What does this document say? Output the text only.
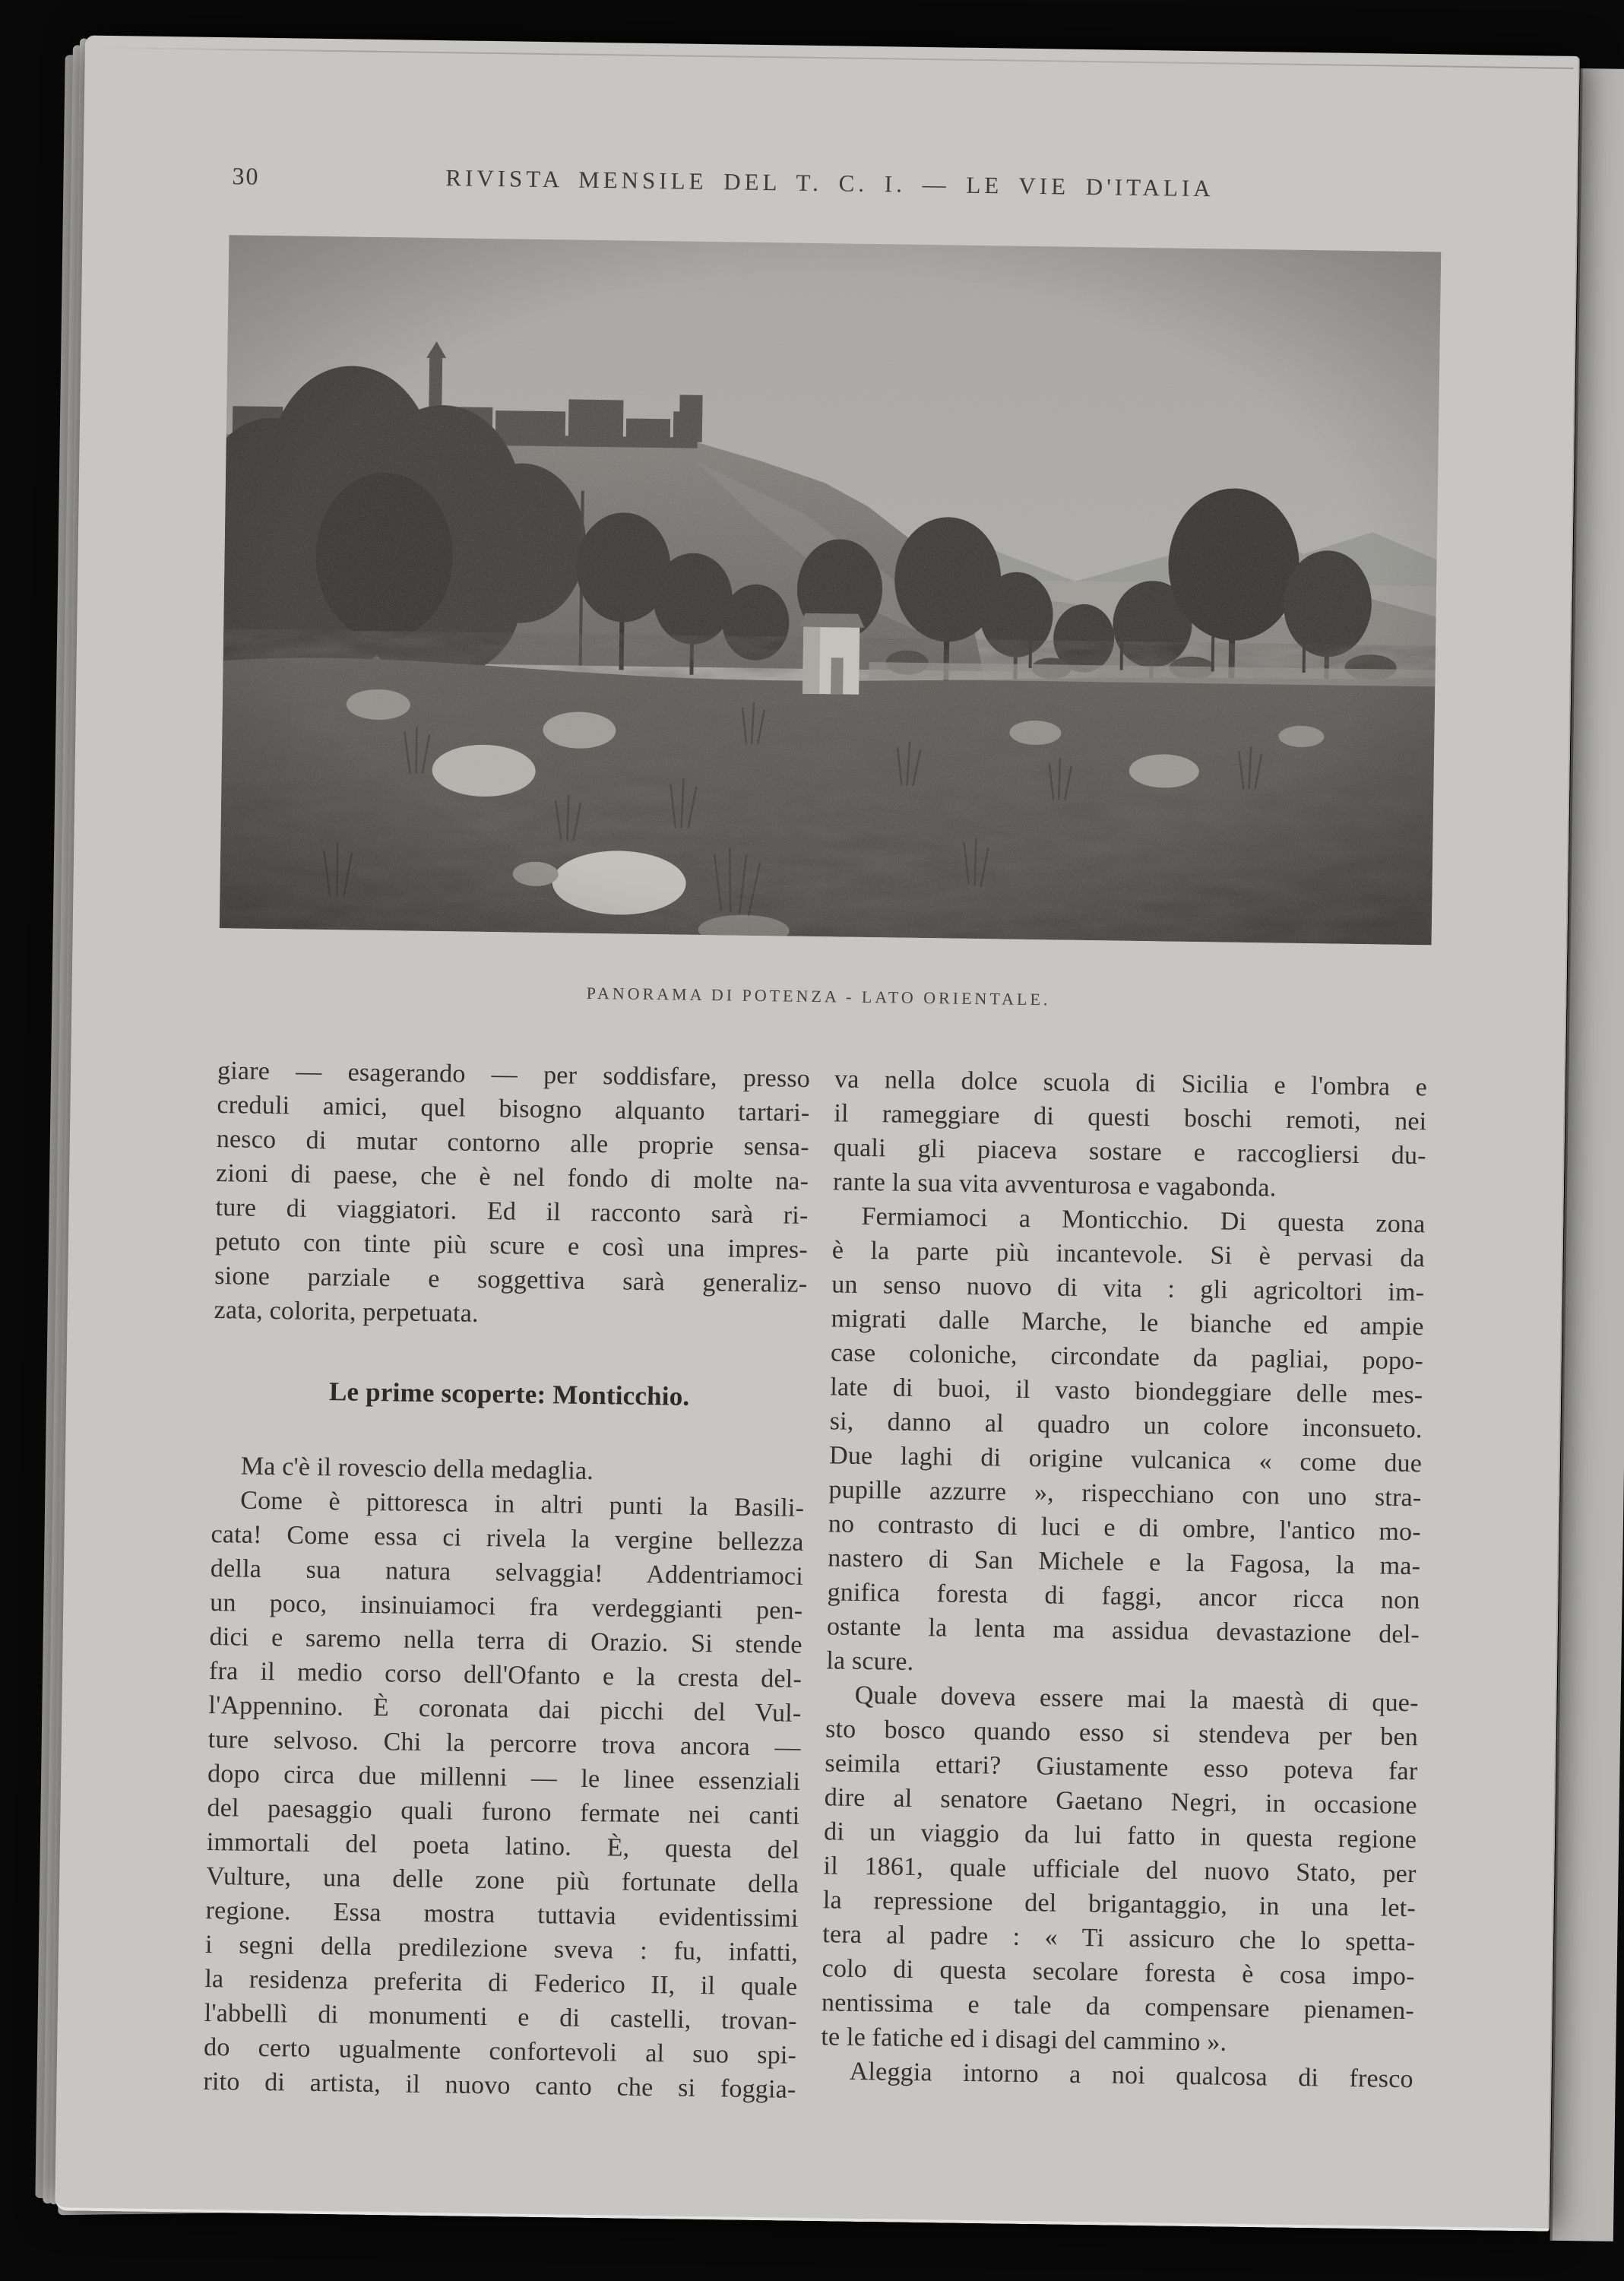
30	RIVISTA MENSILE DEL T. C. I. — LE VIE D'ITALIA
PANORAMA DI POTENZA - LATO ORIENTALE.
giare — esagerando — per soddisfare, presso
creduli amici, quel bisogno alquanto tartari-
nesco di mutar contorno alle proprie sensa-
zioni di paese, che è nel fondo di molte na-
ture di viaggiatori. Ed il racconto sarà ri-
petuto con tinte più scure e così una impres-
sione parziale e soggettiva sarà generaliz-
zata, colorita, perpetuata.
Le prime scoperte: Monticchio.
Ma c'è il rovescio della medaglia.
Come è pittoresca in altri punti la Basili-
cata! Come essa ci rivela la vergine bellezza
della sua natura selvaggia! Addentriamoci
un poco, insinuiamoci fra verdeggianti pen-
dici e saremo nella terra di Orazio. Si stende
fra il medio corso dell'Ofanto e la cresta del-
l'Appennino. È coronata dai picchi del Vul-
ture selvoso. Chi la percorre trova ancora —
dopo circa due millenni — le linee essenziali
del paesaggio quali furono fermate nei canti
immortali del poeta latino. È, questa del
Vulture, una delle zone più fortunate della
regione. Essa mostra tuttavia evidentissimi
i segni della predilezione sveva : fu, infatti,
la residenza preferita di Federico II, il quale
l'abbellì di monumenti e di castelli, trovan-
do certo ugualmente confortevoli al suo spi-
rito di artista, il nuovo canto che si foggia-
va nella dolce scuola di Sicilia e l'ombra e
il rameggiare di questi boschi remoti, nei
quali gli piaceva sostare e raccogliersi du-
rante la sua vita avventurosa e vagabonda.
Fermiamoci a Monticchio. Di questa zona
è la parte più incantevole. Si è pervasi da
un senso nuovo di vita : gli agricoltori im-
migrati dalle Marche, le bianche ed ampie
case coloniche, circondate da pagliai, popo-
late di buoi, il vasto biondeggiare delle mes-
si, danno al quadro un colore inconsueto.
Due laghi di origine vulcanica « come due
pupille azzurre », rispecchiano con uno stra-
no contrasto di luci e di ombre, l'antico mo-
nastero di San Michele e la Fagosa, la ma-
gnifica foresta di faggi, ancor ricca non
ostante la lenta ma assidua devastazione del-
la scure.
Quale doveva essere mai la maestà di que-
sto bosco quando esso si stendeva per ben
seimila ettari? Giustamente esso poteva far
dire al senatore Gaetano Negri, in occasione
di un viaggio da lui fatto in questa regione
il 1861, quale ufficiale del nuovo Stato, per
la repressione del brigantaggio, in una let-
tera al padre : « Ti assicuro che lo spetta-
colo di questa secolare foresta è cosa impo-
nentissima e tale da compensare pienamen-
te le fatiche ed i disagi del cammino ».
Aleggia intorno a noi qualcosa di fresco
